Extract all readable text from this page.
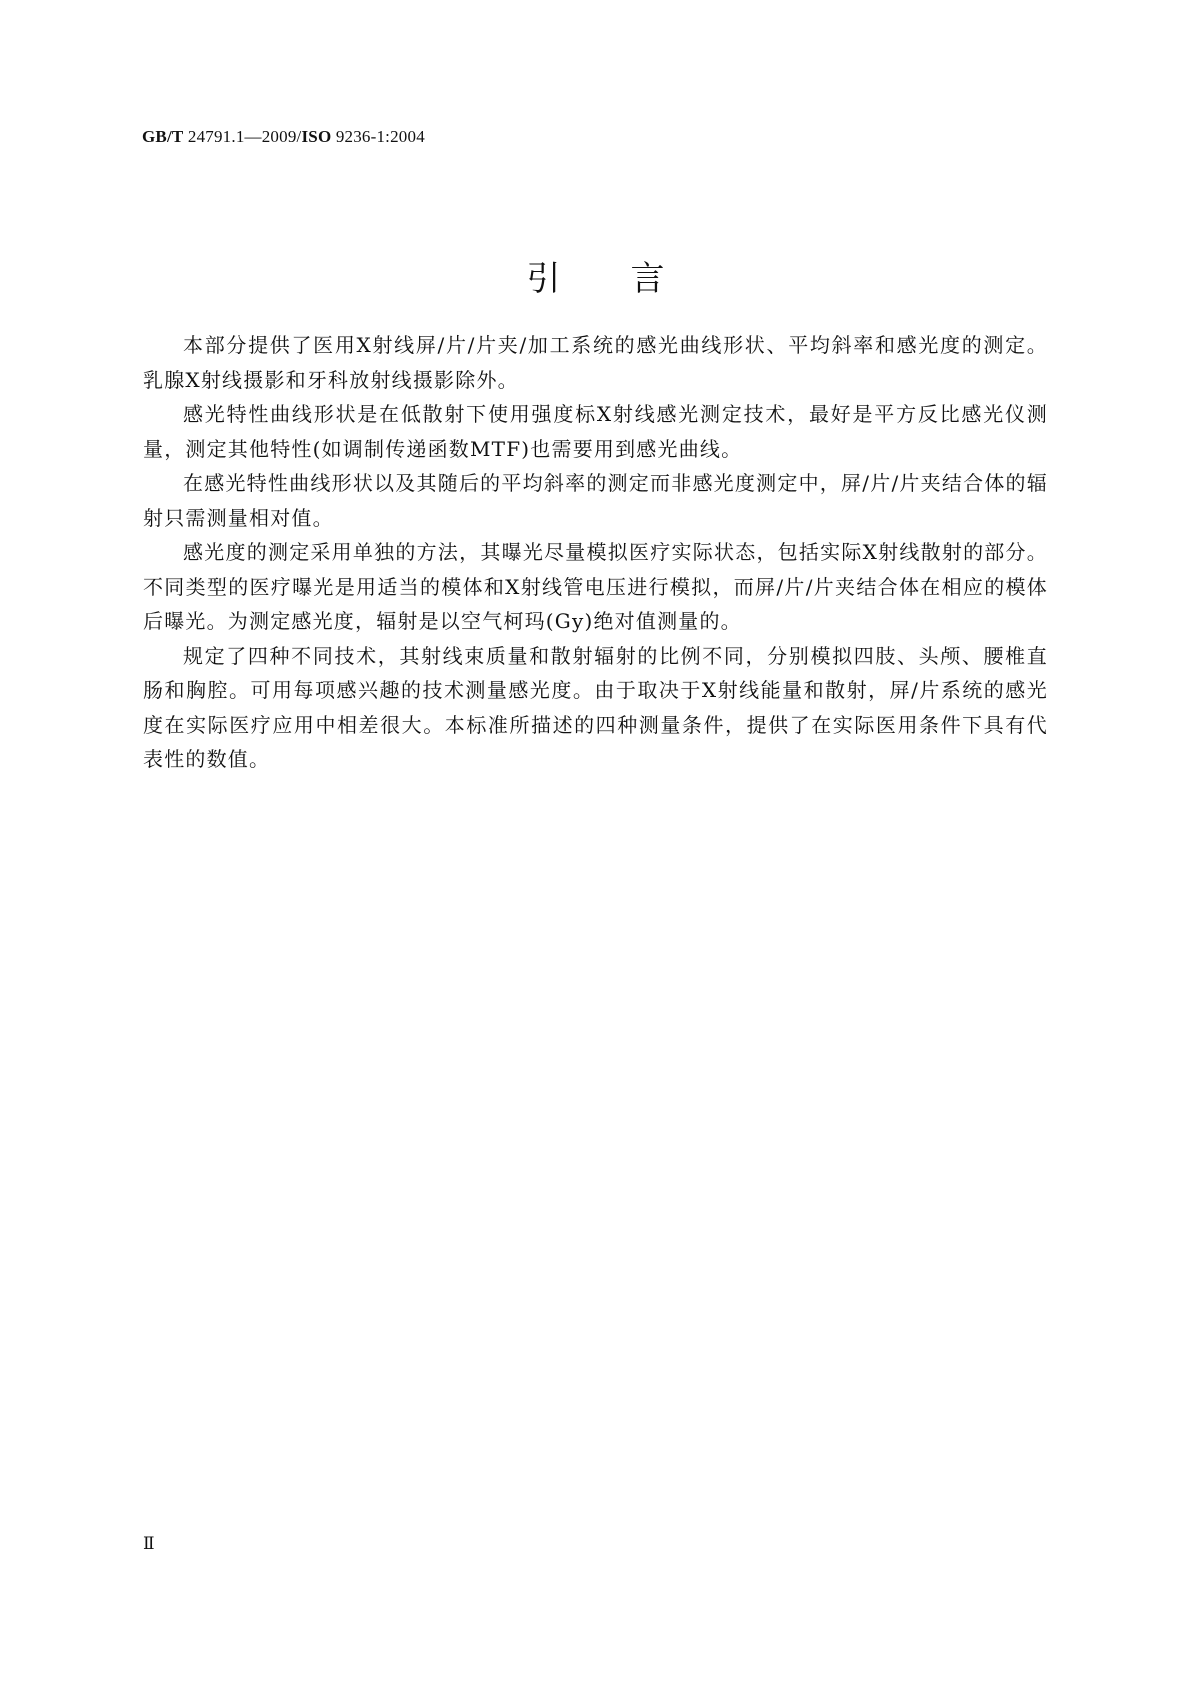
GB/T 24791.1—2009/ISO 9236-1:2004
引言

本部分提供了医用X射线屏/片/片夹/加工系统的感光曲线形状、平均斜率和感光度的测定。乳腺X射线摄影和牙科放射线摄影除外。

感光特性曲线形状是在低散射下使用强度标X射线感光测定技术，最好是平方反比感光仪测量，测定其他特性(如调制传递函数MTF)也需要用到感光曲线。

在感光特性曲线形状以及其随后的平均斜率的测定而非感光度测定中，屏/片/片夹结合体的辐射只需测量相对值。

感光度的测定采用单独的方法，其曝光尽量模拟医疗实际状态，包括实际X射线散射的部分。不同类型的医疗曝光是用适当的模体和X射线管电压进行模拟，而屏/片/片夹结合体在相应的模体后曝光。为测定感光度，辐射是以空气柯玛(Gy)绝对值测量的。

规定了四种不同技术，其射线束质量和散射辐射的比例不同，分别模拟四肢、头颅、腰椎直肠和胸腔。可用每项感兴趣的技术测量感光度。由于取决于X射线能量和散射，屏/片系统的感光度在实际医疗应用中相差很大。本标准所描述的四种测量条件，提供了在实际医用条件下具有代表性的数值。

Ⅱ
